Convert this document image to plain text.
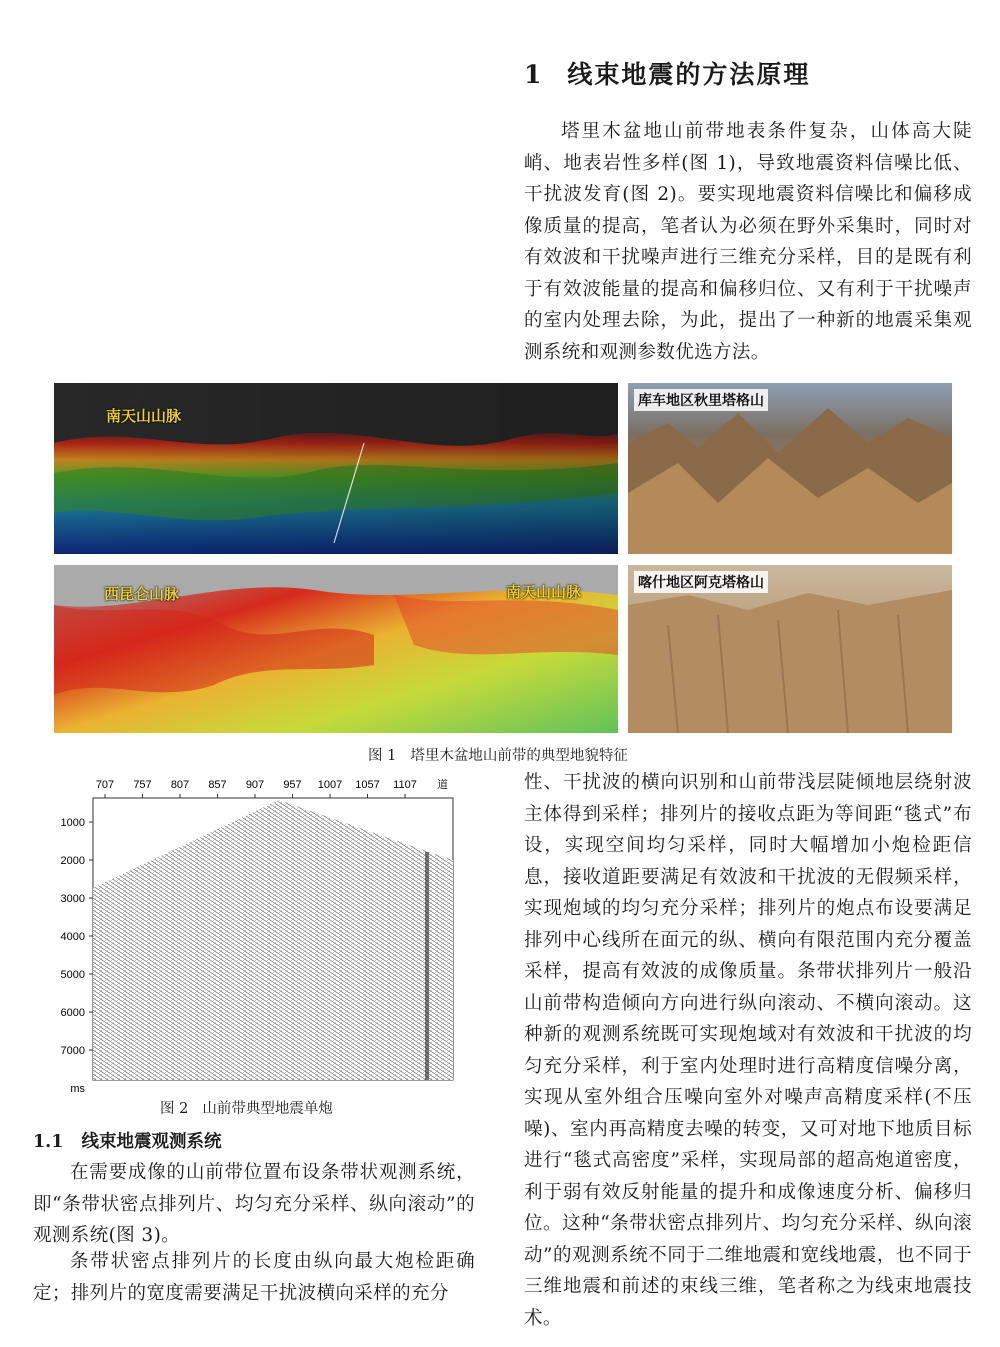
1 线束地震的方法原理

塔里木盆地山前带地表条件复杂，山体高大陡峭、地表岩性多样(图 1)，导致地震资料信噪比低、干扰波发育(图 2)。要实现地震资料信噪比和偏移成像质量的提高，笔者认为必须在野外采集时，同时对有效波和干扰噪声进行三维充分采样，目的是既有利于有效波能量的提高和偏移归位、又有利于干扰噪声的室内处理去除，为此，提出了一种新的地震采集观测系统和观测参数优选方法。

南天山山脉
库车地区秋里塔格山
西昆仑山脉	南天山山脉	喀什地区阿克塔格山
图 1 塔里木盆地山前带的典型地貌特征
707 757 807 857 907 957 1007 1057 1107 道
1000
2000
3000
4000
5000
6000
7000
ms
图 2 山前带典型地震单炮
1.1 线束地震观测系统

在需要成像的山前带位置布设条带状观测系统，即“条带状密点排列片、均匀充分采样、纵向滚动”的观测系统(图 3)。

条带状密点排列片的长度由纵向最大炮检距确定；排列片的宽度需要满足干扰波横向采样的充分

性、干扰波的横向识别和山前带浅层陡倾地层绕射波主体得到采样；排列片的接收点距为等间距“毯式”布设，实现空间均匀采样，同时大幅增加小炮检距信息，接收道距要满足有效波和干扰波的无假频采样，实现炮域的均匀充分采样；排列片的炮点布设要满足排列中心线所在面元的纵、横向有限范围内充分覆盖采样，提高有效波的成像质量。条带状排列片一般沿山前带构造倾向方向进行纵向滚动、不横向滚动。这种新的观测系统既可实现炮域对有效波和干扰波的均匀充分采样，利于室内处理时进行高精度信噪分离，实现从室外组合压噪向室外对噪声高精度采样(不压噪)、室内再高精度去噪的转变，又可对地下地质目标进行“毯式高密度”采样，实现局部的超高炮道密度，利于弱有效反射能量的提升和成像速度分析、偏移归位。这种“条带状密点排列片、均匀充分采样、纵向滚动”的观测系统不同于二维地震和宽线地震，也不同于三维地震和前述的束线三维，笔者称之为线束地震技术。
